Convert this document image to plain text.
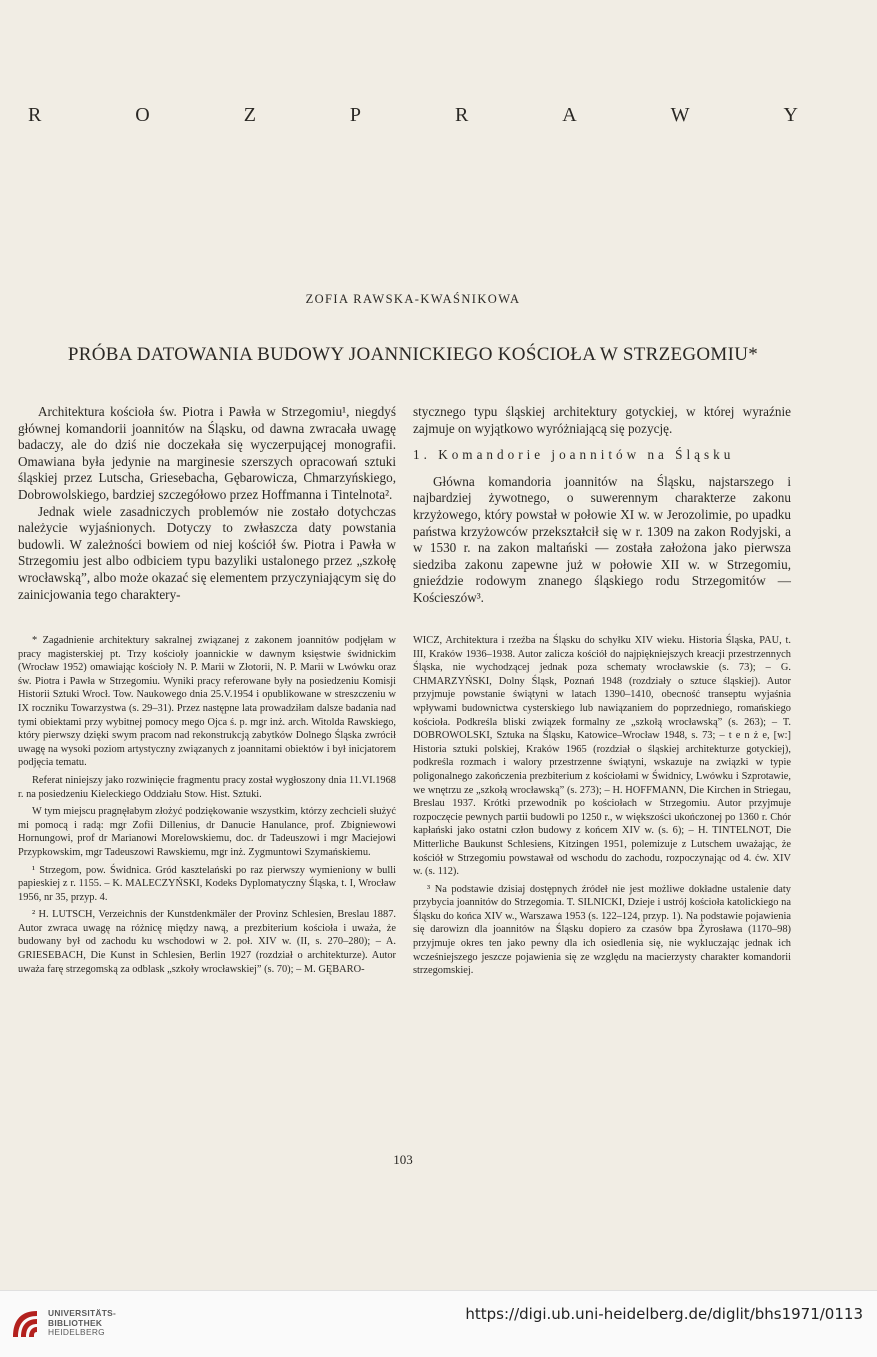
R	O	Z	P	R	A	W	Y
ZOFIA RAWSKA-KWAŚNIKOWA
PRÓBA DATOWANIA BUDOWY JOANNICKIEGO KOŚCIOŁA W STRZEGOMIU*

Architektura kościoła św. Piotra i Pawła w Strzegomiu¹, niegdyś głównej komandorii joannitów na Śląsku, od dawna zwracała uwagę badaczy, ale do dziś nie doczekała się wyczerpującej monografii. Omawiana była jedynie na marginesie szerszych opracowań sztuki śląskiej przez Lutscha, Griesebacha, Gębarowicza, Chmarzyńskiego, Dobrowolskiego, bardziej szczegółowo przez Hoffmanna i Tintelnota².

Jednak wiele zasadniczych problemów nie zostało dotychczas należycie wyjaśnionych. Dotyczy to zwłaszcza daty powstania budowli. W zależności bowiem od niej kościół św. Piotra i Pawła w Strzegomiu jest albo odbiciem typu bazyliki ustalonego przez „szkołę wrocławską”, albo może okazać się elementem przyczyniającym się do zainicjowania tego charaktery-

stycznego typu śląskiej architektury gotyckiej, w której wyraźnie zajmuje on wyjątkowo wyróżniającą się pozycję.

1. Komandorie joannitów na Śląsku

Główna komandoria joannitów na Śląsku, najstarszego i najbardziej żywotnego, o suwerennym charakterze zakonu krzyżowego, który powstał w połowie XI w. w Jerozolimie, po upadku państwa krzyżowców przekształcił się w r. 1309 na zakon Rodyjski, a w 1530 r. na zakon maltański — została założona jako pierwsza siedziba zakonu zapewne już w połowie XII w. w Strzegomiu, gnieździe rodowym znanego śląskiego rodu Strzegomitów — Kościeszów³.

* Zagadnienie architektury sakralnej związanej z zakonem joannitów podjęłam w pracy magisterskiej pt. Trzy kościoły joannickie w dawnym księstwie świdnickim (Wrocław 1952) omawiając kościoły N. P. Marii w Złotorii, N. P. Marii w Lwówku oraz św. Piotra i Pawła w Strzegomiu. Wyniki pracy referowane były na posiedzeniu Komisji Historii Sztuki Wrocł. Tow. Naukowego dnia 25.V.1954 i opublikowane w streszczeniu w IX roczniku Towarzystwa (s. 29–31). Przez następne lata prowadziłam dalsze badania nad tymi obiektami przy wybitnej pomocy mego Ojca ś. p. mgr inż. arch. Witolda Rawskiego, który pierwszy dzięki swym pracom nad rekonstrukcją zabytków Dolnego Śląska zwrócił uwagę na wysoki poziom artystyczny związanych z joannitami obiektów i był inicjatorem podjęcia tematu.

Referat niniejszy jako rozwinięcie fragmentu pracy został wygłoszony dnia 11.VI.1968 r. na posiedzeniu Kieleckiego Oddziału Stow. Hist. Sztuki.

W tym miejscu pragnęłabym złożyć podziękowanie wszystkim, którzy zechcieli służyć mi pomocą i radą: mgr Zofii Dillenius, dr Danucie Hanulance, prof. Zbigniewowi Hornungowi, prof dr Marianowi Morelowskiemu, doc. dr Tadeuszowi i mgr Maciejowi Przypkowskim, mgr Tadeuszowi Rawskiemu, mgr inż. Zygmuntowi Szymańskiemu.

¹ Strzegom, pow. Świdnica. Gród kasztelański po raz pierwszy wymieniony w bulli papieskiej z r. 1155. – K. MALECZYŃSKI, Kodeks Dyplomatyczny Śląska, t. I, Wrocław 1956, nr 35, przyp. 4.

² H. LUTSCH, Verzeichnis der Kunstdenkmäler der Provinz Schlesien, Breslau 1887. Autor zwraca uwagę na różnicę między nawą, a prezbiterium kościoła i uważa, że budowany był od zachodu ku wschodowi w 2. poł. XIV w. (II, s. 270–280); – A. GRIESEBACH, Die Kunst in Schlesien, Berlin 1927 (rozdział o architekturze). Autor uważa farę strzegomską za odblask „szkoły wrocławskiej” (s. 70); – M. GĘBARO-

WICZ, Architektura i rzeźba na Śląsku do schyłku XIV wieku. Historia Śląska, PAU, t. III, Kraków 1936–1938. Autor zalicza kościół do najpiękniejszych kreacji przestrzennych Śląska, nie wychodzącej jednak poza schematy wrocławskie (s. 73); – G. CHMARZYŃSKI, Dolny Śląsk, Poznań 1948 (rozdziały o sztuce śląskiej). Autor przyjmuje powstanie świątyni w latach 1390–1410, obecność transeptu wyjaśnia wpływami budownictwa cysterskiego lub nawiązaniem do poprzedniego, romańskiego kościoła. Podkreśla bliski związek formalny ze „szkołą wrocławską” (s. 263); – T. DOBROWOLSKI, Sztuka na Śląsku, Katowice–Wrocław 1948, s. 73; – t e n ż e, [w:] Historia sztuki polskiej, Kraków 1965 (rozdział o śląskiej architekturze gotyckiej), podkreśla rozmach i walory przestrzenne świątyni, wskazuje na związki w typie poligonalnego zakończenia prezbiterium z kościołami w Świdnicy, Lwówku i Szprotawie, we wnętrzu ze „szkołą wrocławską” (s. 273); – H. HOFFMANN, Die Kirchen in Striegau, Breslau 1937. Krótki przewodnik po kościołach w Strzegomiu. Autor przyjmuje rozpoczęcie pewnych partii budowli po 1250 r., w większości ukończonej po 1360 r. Chór kapłański jako ostatni człon budowy z końcem XIV w. (s. 6); – H. TINTELNOT, Die Mitterliche Baukunst Schlesiens, Kitzingen 1951, polemizuje z Lutschem uważając, że kościół w Strzegomiu powstawał od wschodu do zachodu, rozpoczynając od 4. ćw. XIV w. (s. 112).

³ Na podstawie dzisiaj dostępnych źródeł nie jest możliwe dokładne ustalenie daty przybycia joannitów do Strzegomia. T. SILNICKI, Dzieje i ustrój kościoła katolickiego na Śląsku do końca XIV w., Warszawa 1953 (s. 122–124, przyp. 1). Na podstawie pojawienia się darowizn dla joannitów na Śląsku dopiero za czasów bpa Żyrosława (1170–98) przyjmuje okres ten jako pewny dla ich osiedlenia się, nie wykluczając jednak ich wcześniejszego jeszcze pojawienia się ze względu na macierzysty charakter komandorii strzegomskiej.

103
UNIVERSITÄTS-
BIBLIOTHEK
HEIDELBERG
https://digi.ub.uni-heidelberg.de/diglit/bhs1971/0113
